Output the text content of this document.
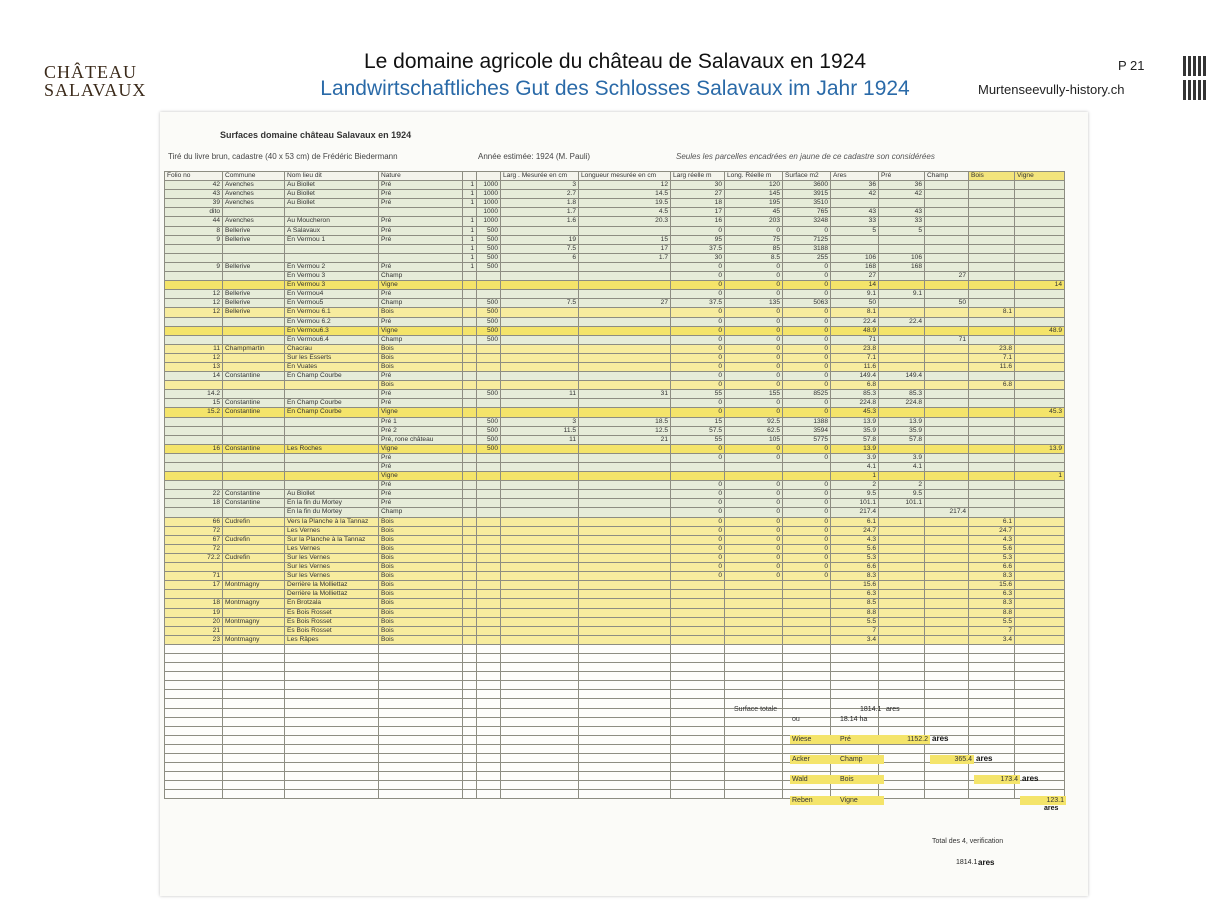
CHÂTEAU
SALAVAUX
Le domaine agricole du château de Salavaux en 1924
Landwirtschaftliches Gut des Schlosses Salavaux im Jahr 1924
P 21
Murtenseevully-history.ch
Surfaces domaine château Salavaux en 1924
Tiré du livre brun, cadastre (40 x 53 cm) de Frédéric Biedermann	Année estimée: 1924 (M. Pauli)	Seules les parcelles encadrées en jaune de ce cadastre son considérées
Folio no	Commune	Nom lieu dit	Nature			Larg . Mesurée en cm	Longueur mesurée en cm	Larg réelle m	Long. Réelle m	Surface m2	Ares	Pré	Champ	Bois	Vigne
42	Avenches	Au Biollet	Pré	1	1000	3	12	30	120	3600	36	36			
43	Avenches	Au Biollet	Pré	1	1000	2.7	14.5	27	145	3915	42	42			
39	Avenches	Au Biollet	Pré	1	1000	1.8	19.5	18	195	3510					
dito					1000	1.7	4.5	17	45	765	43	43			
44	Avenches	Au Moucheron	Pré	1	1000	1.6	20.3	16	203	3248	33	33			
8	Bellerive	A Salavaux	Pré	1	500			0	0	0	5	5			
9	Bellerive	En Vermou 1	Pré	1	500	19	15	95	75	7125					
				1	500	7.5	17	37.5	85	3188					
				1	500	6	1.7	30	8.5	255	106	106			
9	Bellerive	En Vermou 2	Pré	1	500			0	0	0	168	168			
		En Vermou 3	Champ					0	0	0	27		27		
		En Vermou 3	Vigne					0	0	0	14				14
12	Bellerive	En Vermou4	Pré					0	0	0	9.1	9.1			
12	Bellerive	En Vermou5	Champ		500	7.5	27	37.5	135	5063	50		50		
12	Bellerive	En Vermou 6.1	Bois		500			0	0	0	8.1			8.1	
		En Vermou 6.2	Pré		500			0	0	0	22.4	22.4			
		En Vermou6.3	Vigne		500			0	0	0	48.9				48.9
		En Vermou6.4	Champ		500			0	0	0	71		71		
11	Champmartin	Chacrau	Bois					0	0	0	23.8			23.8	
12		Sur les Esserts	Bois					0	0	0	7.1			7.1	
13		En Vuates	Bois					0	0	0	11.6			11.6	
14	Constantine	En Champ Courbe	Pré					0	0	0	149.4	149.4			
			Bois					0	0	0	6.8			6.8	
14.2			Pré		500	11	31	55	155	8525	85.3	85.3			
15	Constantine	En Champ Courbe	Pré					0	0	0	224.8	224.8			
15.2	Constantine	En Champ Courbe	Vigne					0	0	0	45.3				45.3
			Pré 1		500	3	18.5	15	92.5	1388	13.9	13.9			
			Pré 2		500	11.5	12.5	57.5	62.5	3594	35.9	35.9			
			Pré, rone château		500	11	21	55	105	5775	57.8	57.8			
16	Constantine	Les Roches	Vigne		500			0	0	0	13.9				13.9
			Pré					0	0	0	3.9	3.9			
			Pré								4.1	4.1			
			Vigne								1				1
			Pré					0	0	0	2	2			
22	Constantine	Au Biollet	Pré					0	0	0	9.5	9.5			
18	Constantine	En la fin du Mortey	Pré					0	0	0	101.1	101.1			
		En la fin du Mortey	Champ					0	0	0	217.4		217.4		
66	Cudrefin	Vers la Planche à la Tannaz	Bois					0	0	0	6.1			6.1	
72		Les Vernes	Bois					0	0	0	24.7			24.7	
67	Cudrefin	Sur la Planche à la Tannaz	Bois					0	0	0	4.3			4.3	
72		Les Vernes	Bois					0	0	0	5.6			5.6	
72.2	Cudrefin	Sur les Vernes	Bois					0	0	0	5.3			5.3	
		Sur les Vernes	Bois					0	0	0	6.6			6.6	
71		Sur les Vernes	Bois					0	0	0	8.3			8.3	
17	Montmagny	Derrière la Molliettaz	Bois								15.6			15.6	
		Derrière la Molliettaz	Bois								6.3			6.3	
18	Montmagny	En Brotzala	Bois								8.5			8.3	
19		Es Bois Rosset	Bois								8.8			8.8	
20	Montmagny	Es Bois Rosset	Bois								5.5			5.5	
21		Es Bois Rosset	Bois								7			7	
23	Montmagny	Les Râpes	Bois								3.4			3.4	

Surface totale	1814.1 ares
ou	18.14 ha
Wiese	Pré	1152.2 ares
Acker	Champ	365.4 ares
Wald	Bois	173.4 ares
Reben	Vigne	123.1
ares
Total des 4, verification
1814.1 ares
